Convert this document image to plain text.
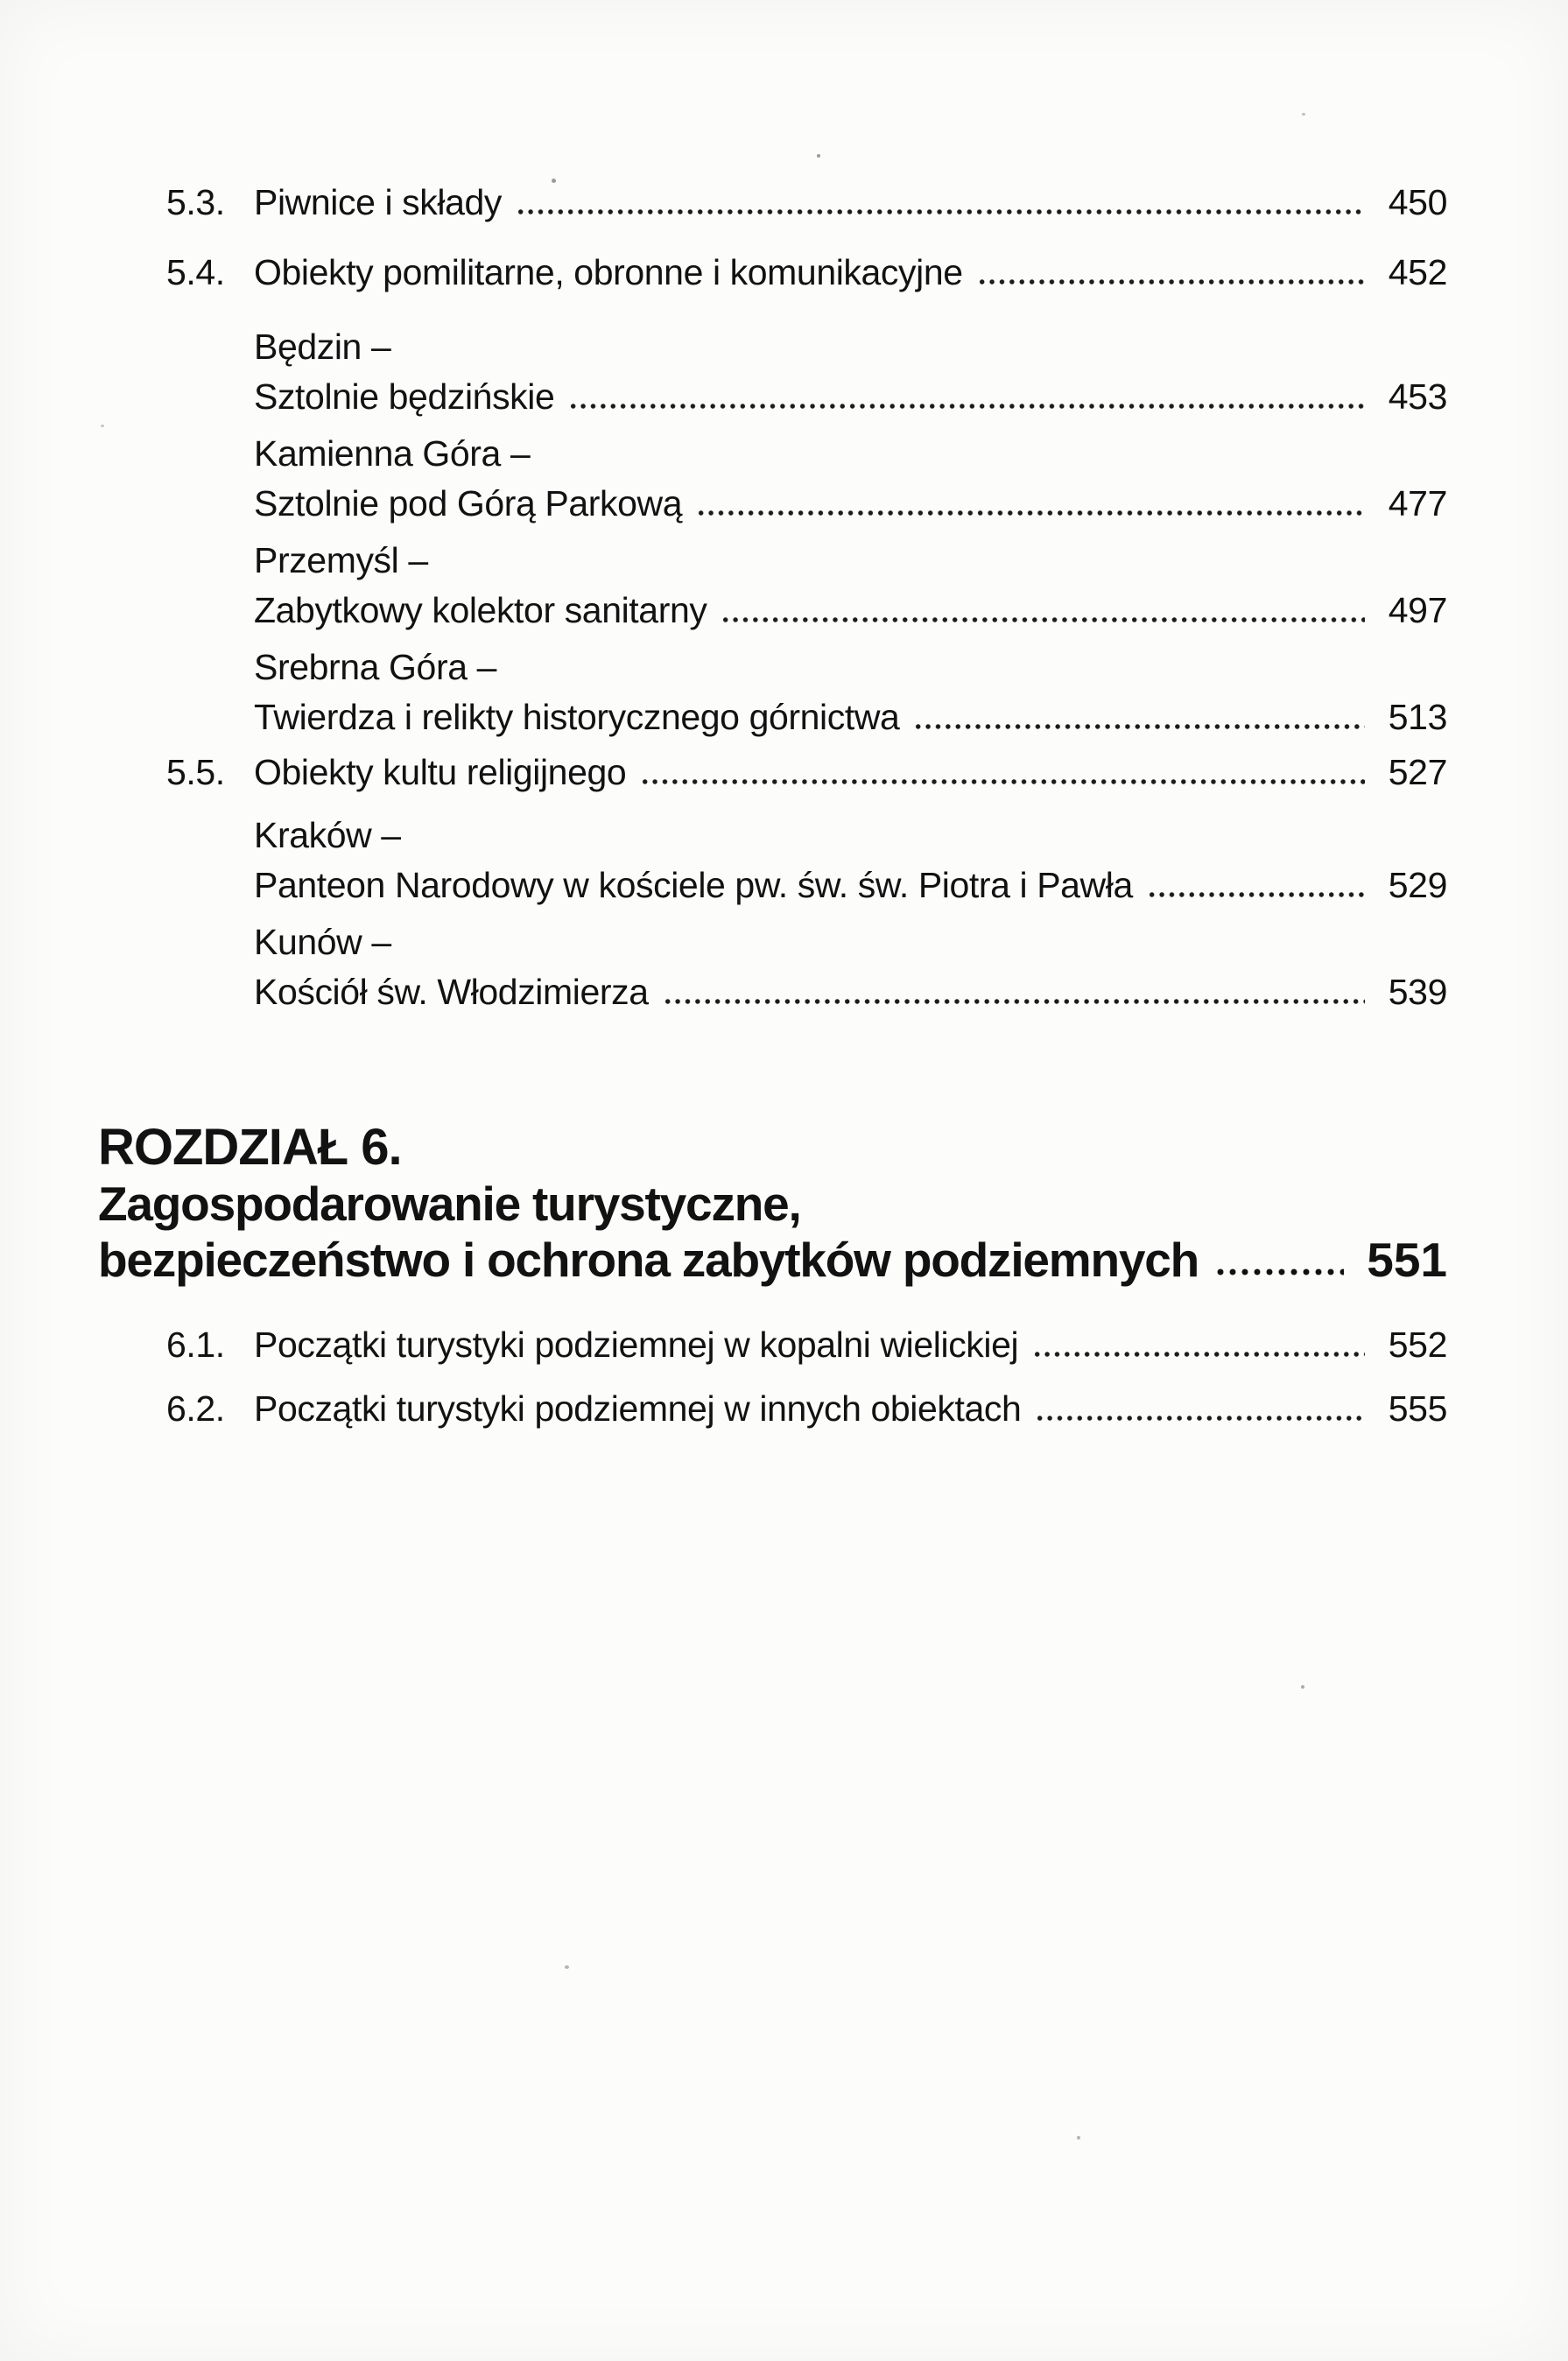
5.3. Piwnice i składy	450
5.4. Obiekty pomilitarne, obronne i komunikacyjne	452
Będzin –
Sztolnie będzińskie	453
Kamienna Góra –
Sztolnie pod Górą Parkową	477
Przemyśl –
Zabytkowy kolektor sanitarny	497
Srebrna Góra –
Twierdza i relikty historycznego górnictwa	513
5.5. Obiekty kultu religijnego	527
Kraków –
Panteon Narodowy w kościele pw. św. św. Piotra i Pawła	529
Kunów –
Kościół św. Włodzimierza	539
ROZDZIAŁ 6.
Zagospodarowanie turystyczne,
bezpieczeństwo i ochrona zabytków podziemnych	551
6.1. Początki turystyki podziemnej w kopalni wielickiej	552
6.2. Początki turystyki podziemnej w innych obiektach	555
